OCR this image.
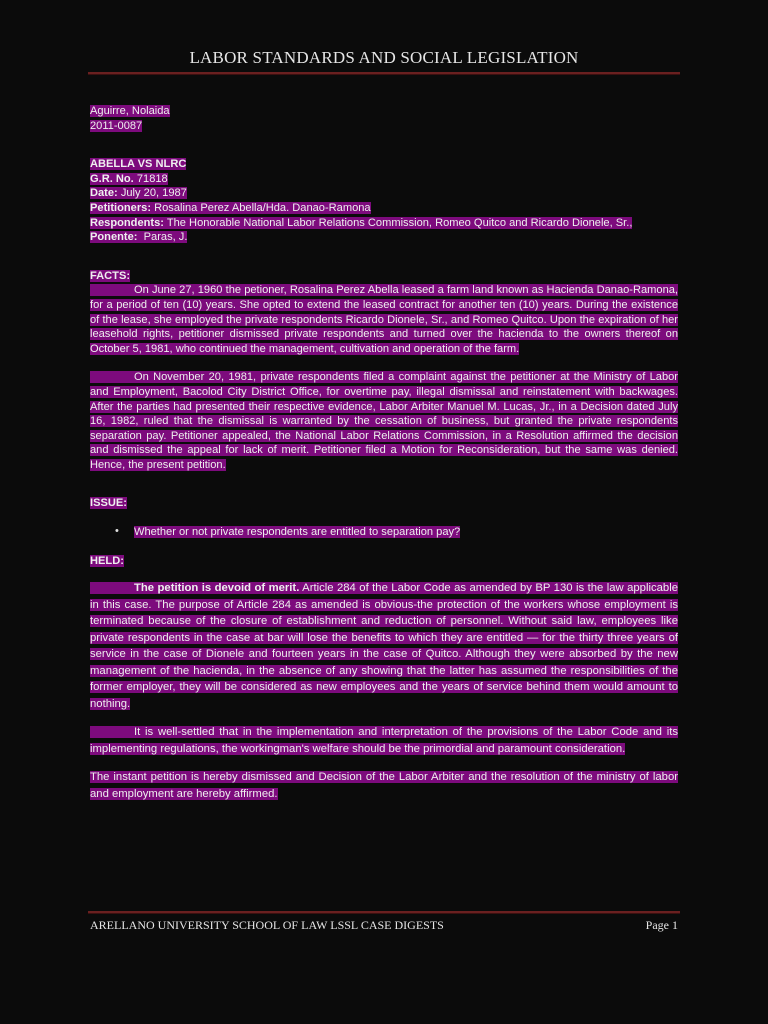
LABOR STANDARDS AND SOCIAL LEGISLATION

Aguirre, Nolaida

2011-0087

ABELLA VS NLRC

G.R. No. 71818

Date: July 20, 1987

Petitioners: Rosalina Perez Abella/Hda. Danao-Ramona

Respondents: The Honorable National Labor Relations Commission, Romeo Quitco and Ricardo Dionele, Sr.,

Ponente: Paras, J.

FACTS:

On June 27, 1960 the petioner, Rosalina Perez Abella leased a farm land known as Hacienda Danao-Ramona, for a period of ten (10) years. She opted to extend the leased contract for another ten (10) years. During the existence of the lease, she employed the private respondents Ricardo Dionele, Sr., and Romeo Quitco. Upon the expiration of her leasehold rights, petitioner dismissed private respondents and turned over the hacienda to the owners thereof on October 5, 1981, who continued the management, cultivation and operation of the farm.

On November 20, 1981, private respondents filed a complaint against the petitioner at the Ministry of Labor and Employment, Bacolod City District Office, for overtime pay, illegal dismissal and reinstatement with backwages. After the parties had presented their respective evidence, Labor Arbiter Manuel M. Lucas, Jr., in a Decision dated July 16, 1982, ruled that the dismissal is warranted by the cessation of business, but granted the private respondents separation pay. Petitioner appealed, the National Labor Relations Commission, in a Resolution affirmed the decision and dismissed the appeal for lack of merit. Petitioner filed a Motion for Reconsideration, but the same was denied. Hence, the present petition.

ISSUE:

• Whether or not private respondents are entitled to separation pay?

HELD:

The petition is devoid of merit. Article 284 of the Labor Code as amended by BP 130 is the law applicable in this case. The purpose of Article 284 as amended is obvious-the protection of the workers whose employment is terminated because of the closure of establishment and reduction of personnel. Without said law, employees like private respondents in the case at bar will lose the benefits to which they are entitled — for the thirty three years of service in the case of Dionele and fourteen years in the case of Quitco. Although they were absorbed by the new management of the hacienda, in the absence of any showing that the latter has assumed the responsibilities of the former employer, they will be considered as new employees and the years of service behind them would amount to nothing.

It is well-settled that in the implementation and interpretation of the provisions of the Labor Code and its implementing regulations, the workingman's welfare should be the primordial and paramount consideration.

The instant petition is hereby dismissed and Decision of the Labor Arbiter and the resolution of the ministry of labor and employment are hereby affirmed.

ARELLANO UNIVERSITY SCHOOL OF LAW LSSL CASE DIGESTS	Page 1
